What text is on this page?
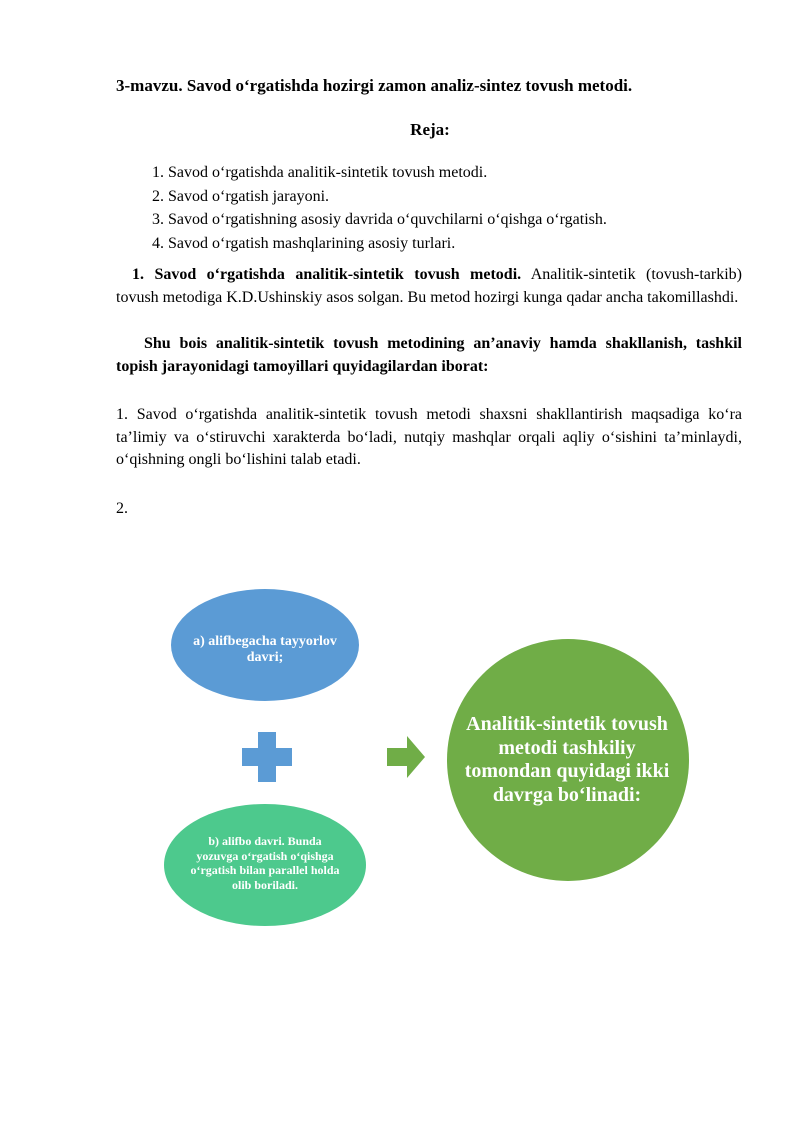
3-mavzu. Savod o‘rgatishda hozirgi zamon analiz-sintez tovush metodi.
Reja:
1. Savod o‘rgatishda analitik-sintetik tovush metodi.
2. Savod o‘rgatish jarayoni.
3. Savod o‘rgatishning asosiy davrida o‘quvchilarni o‘qishga o‘rgatish.
4. Savod o‘rgatish mashqlarining asosiy turlari.
1. Savod o‘rgatishda analitik-sintetik tovush metodi. Analitik-sintetik (tovush-tarkib) tovush metodiga K.D.Ushinskiy asos solgan. Bu metod hozirgi kunga qadar ancha takomillashdi.
Shu bois analitik-sintetik tovush metodining an’anaviy hamda shakllanish, tashkil topish jarayonidagi tamoyillari quyidagilardan iborat:
1. Savod o‘rgatishda analitik-sintetik tovush metodi shaxsni shakllantirish maqsadiga ko‘ra ta’limiy va o‘stiruvchi xarakterda bo‘ladi, nutqiy mashqlar orqali aqliy o‘sishini ta’minlaydi, o‘qishning ongli bo‘lishini talab etadi.
2.
a) alifbegacha tayyorlov davri;
b) alifbo davri. Bunda yozuvga o‘rgatish o‘qishga o‘rgatish bilan parallel holda olib boriladi.
Analitik-sintetik tovush metodi tashkiliy tomondan quyidagi ikki davrga bo‘linadi:
